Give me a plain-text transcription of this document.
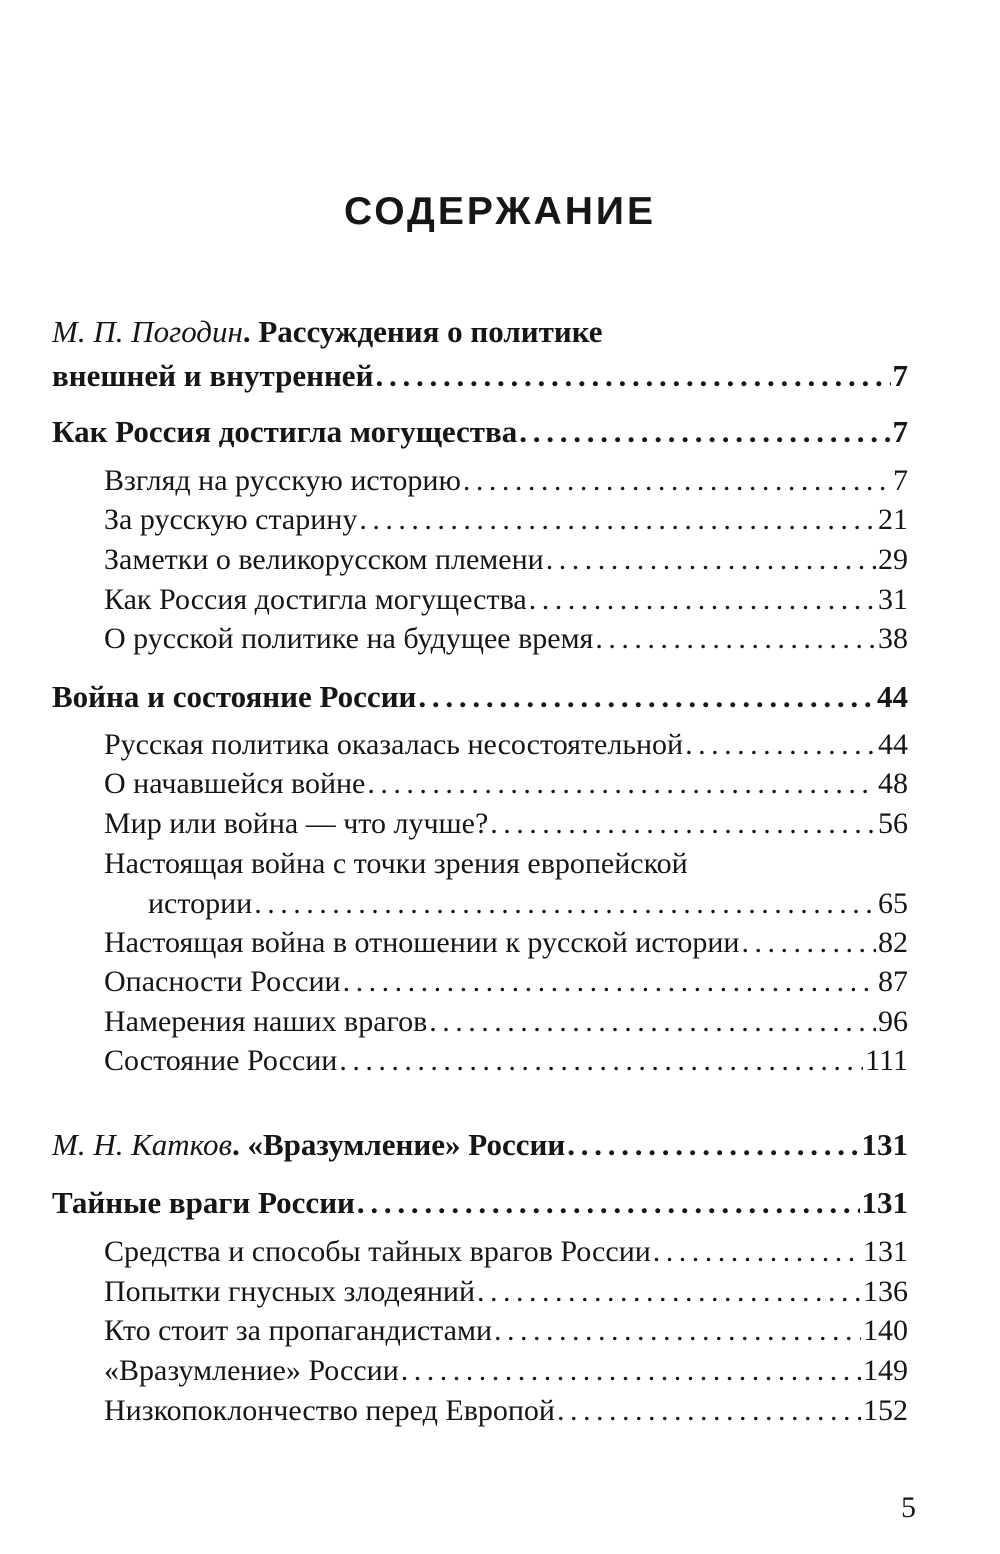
СОДЕРЖАНИЕ
М. П. Погодин. Рассуждения о политике
внешней и внутренней . . .	7
Как Россия достигла могущества . . .	7
Взгляд на русскую историю . . .	7
За русскую старину . . .	21
Заметки о великорусском племени . . .	29
Как Россия достигла могущества . . .	31
О русской политике на будущее время . . .	38
Война и состояние России . . .	44
Русская политика оказалась несостоятельной . . .	44
О начавшейся войне . . .	48
Мир или война — что лучше? . . .	56
Настоящая война с точки зрения европейской
истории . . .	65
Настоящая война в отношении к русской истории . . .	82
Опасности России . . .	87
Намерения наших врагов . . .	96
Состояние России . . .	111
М. Н. Катков. «Вразумление» России . . .	131
Тайные враги России . . .	131
Средства и способы тайных врагов России . . .	131
Попытки гнусных злодеяний . . .	136
Кто стоит за пропагандистами . . .	140
«Вразумление» России . . .	149
Низкопоклончество перед Европой . . .	152
5
